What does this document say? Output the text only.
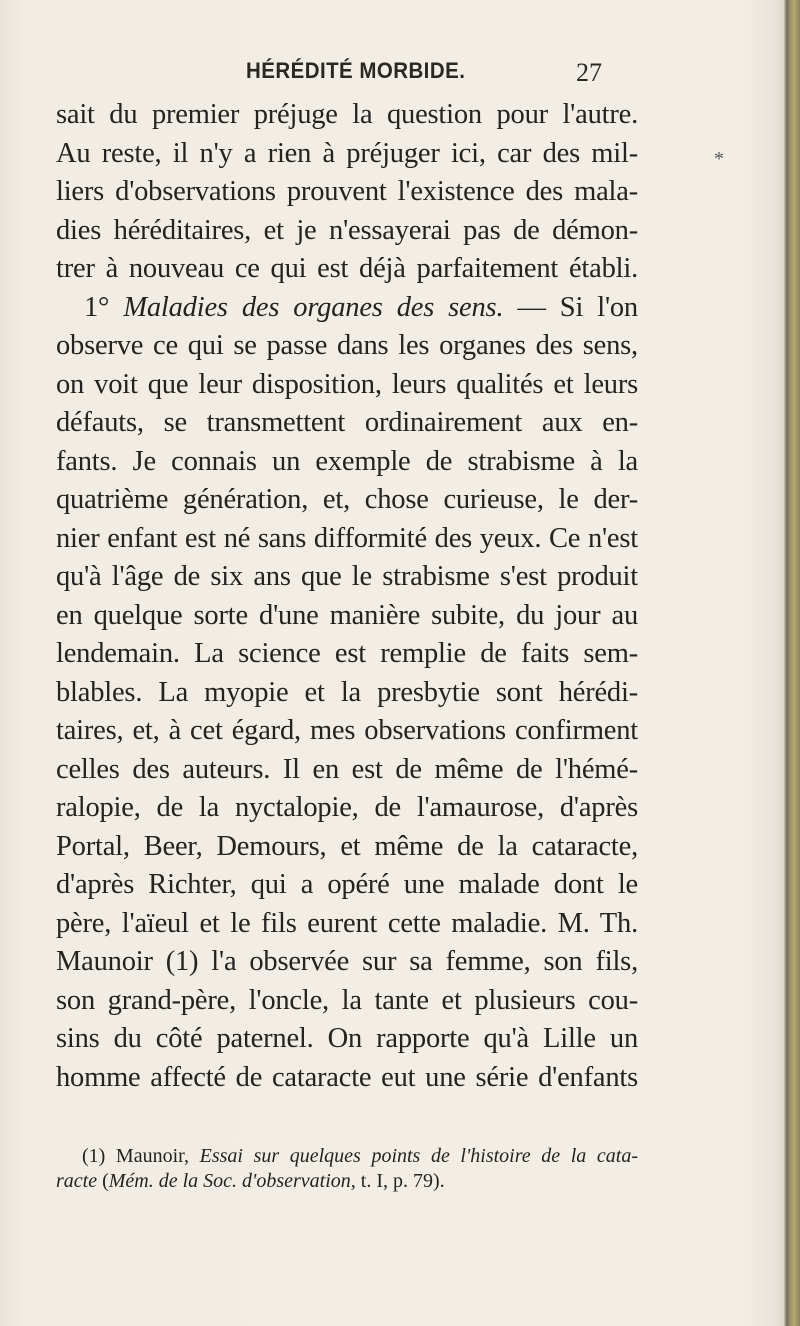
HÉRÉDITÉ MORBIDE.	27
*
sait du premier préjuge la question pour l'autre.
Au reste, il n'y a rien à préjuger ici, car des mil-
liers d'observations prouvent l'existence des mala-
dies héréditaires, et je n'essayerai pas de démon-
trer à nouveau ce qui est déjà parfaitement établi.
1° Maladies des organes des sens. — Si l'on
observe ce qui se passe dans les organes des sens,
on voit que leur disposition, leurs qualités et leurs
défauts, se transmettent ordinairement aux en-
fants. Je connais un exemple de strabisme à la
quatrième génération, et, chose curieuse, le der-
nier enfant est né sans difformité des yeux. Ce n'est
qu'à l'âge de six ans que le strabisme s'est produit
en quelque sorte d'une manière subite, du jour au
lendemain. La science est remplie de faits sem-
blables. La myopie et la presbytie sont hérédi-
taires, et, à cet égard, mes observations confirment
celles des auteurs. Il en est de même de l'hémé-
ralopie, de la nyctalopie, de l'amaurose, d'après
Portal, Beer, Demours, et même de la cataracte,
d'après Richter, qui a opéré une malade dont le
père, l'aïeul et le fils eurent cette maladie. M. Th.
Maunoir (1) l'a observée sur sa femme, son fils,
son grand-père, l'oncle, la tante et plusieurs cou-
sins du côté paternel. On rapporte qu'à Lille un
homme affecté de cataracte eut une série d'enfants
(1) Maunoir, Essai sur quelques points de l'histoire de la cata-
racte (Mém. de la Soc. d'observation, t. I, p. 79).
